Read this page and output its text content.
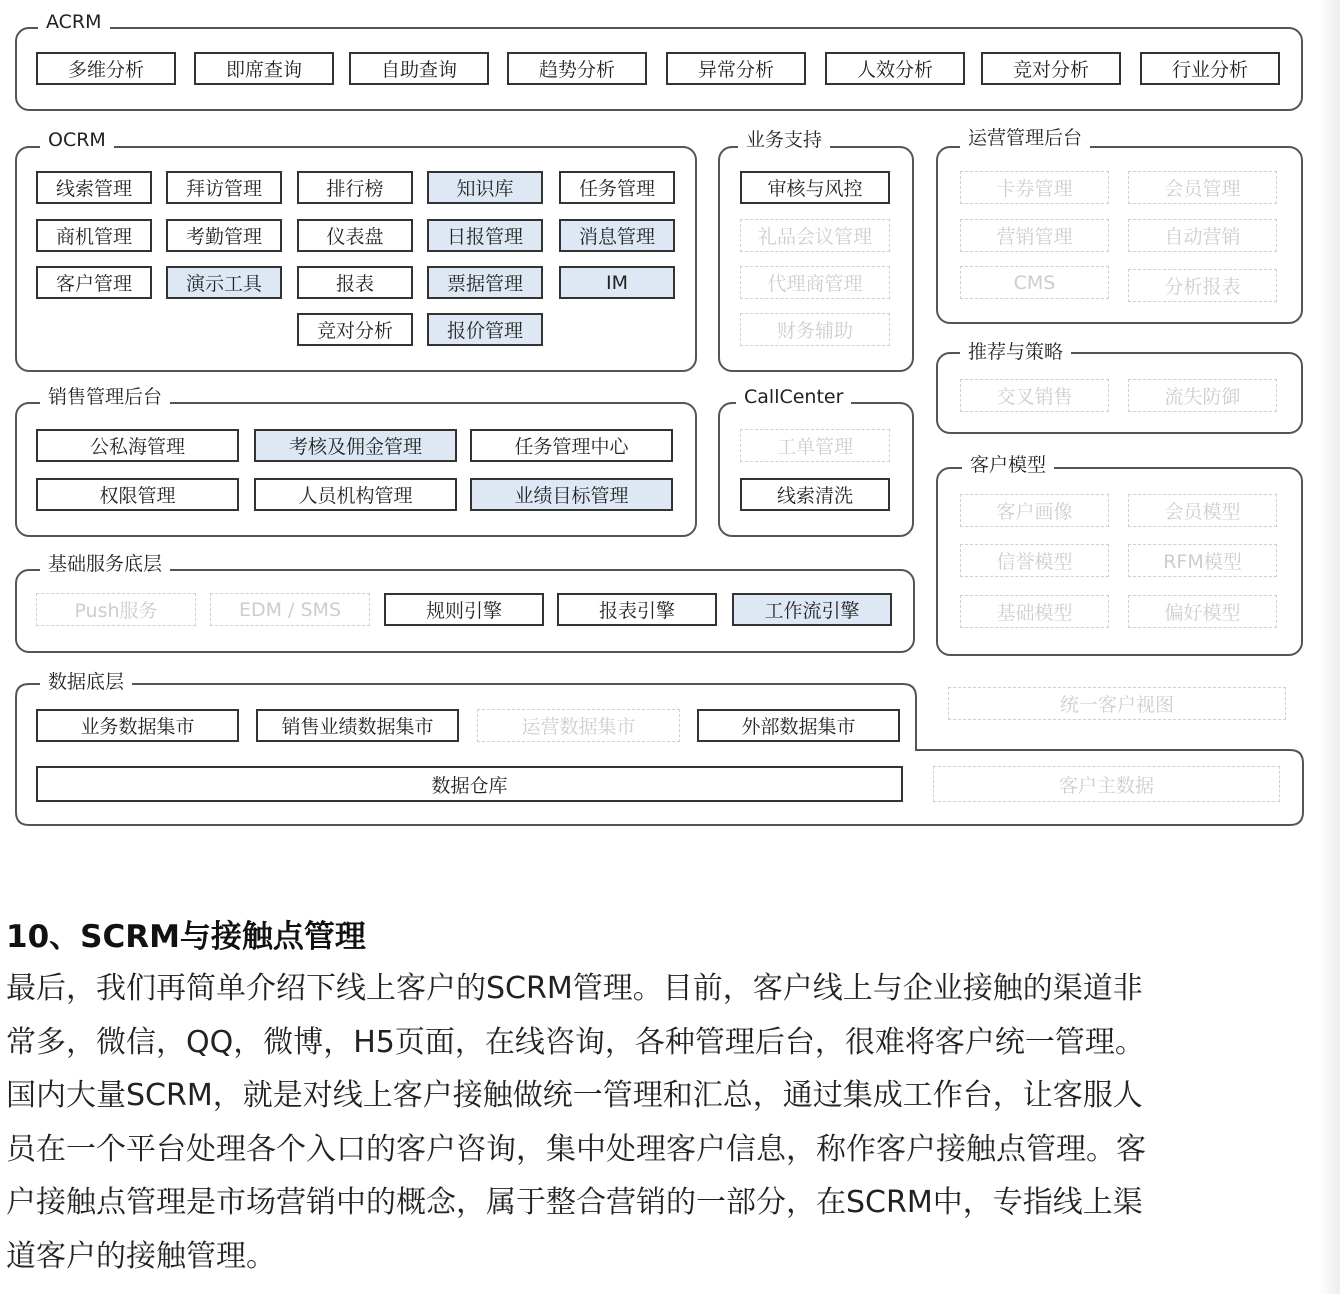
ACRM
OCRM	业务支持	运营管理后台
推荐与策略
销售管理后台	CallCenter
客户模型
基础服务底层
数据底层
多维分析	即席查询	自助查询	趋势分析	异常分析	人效分析	竞对分析	行业分析
线索管理	拜访管理	排行榜	知识库	任务管理
商机管理	考勤管理	仪表盘	日报管理	消息管理
客户管理	演示工具	报表	票据管理	IM
竞对分析	报价管理
审核与风控
礼品会议管理
代理商管理
财务辅助
卡券管理	会员管理
营销管理	自动营销
CMS	分析报表
交叉销售	流失防御
公私海管理	考核及佣金管理	任务管理中心
权限管理	人员机构管理	业绩目标管理
工单管理
线索清洗
客户画像	会员模型
信誉模型	RFM模型
基础模型	偏好模型
Push服务	EDM / SMS	规则引擎	报表引擎	工作流引擎
业务数据集市	销售业绩数据集市	运营数据集市	外部数据集市
统一客户视图
数据仓库	客户主数据
10、SCRM与接触点管理
最后，我们再简单介绍下线上客户的SCRM管理。目前，客户线上与企业接触的渠道非
常多，微信，QQ，微博，H5页面，在线咨询，各种管理后台，很难将客户统一管理。
国内大量SCRM，就是对线上客户接触做统一管理和汇总，通过集成工作台，让客服人
员在一个平台处理各个入口的客户咨询，集中处理客户信息，称作客户接触点管理。客
户接触点管理是市场营销中的概念，属于整合营销的一部分，在SCRM中，专指线上渠
道客户的接触管理。
